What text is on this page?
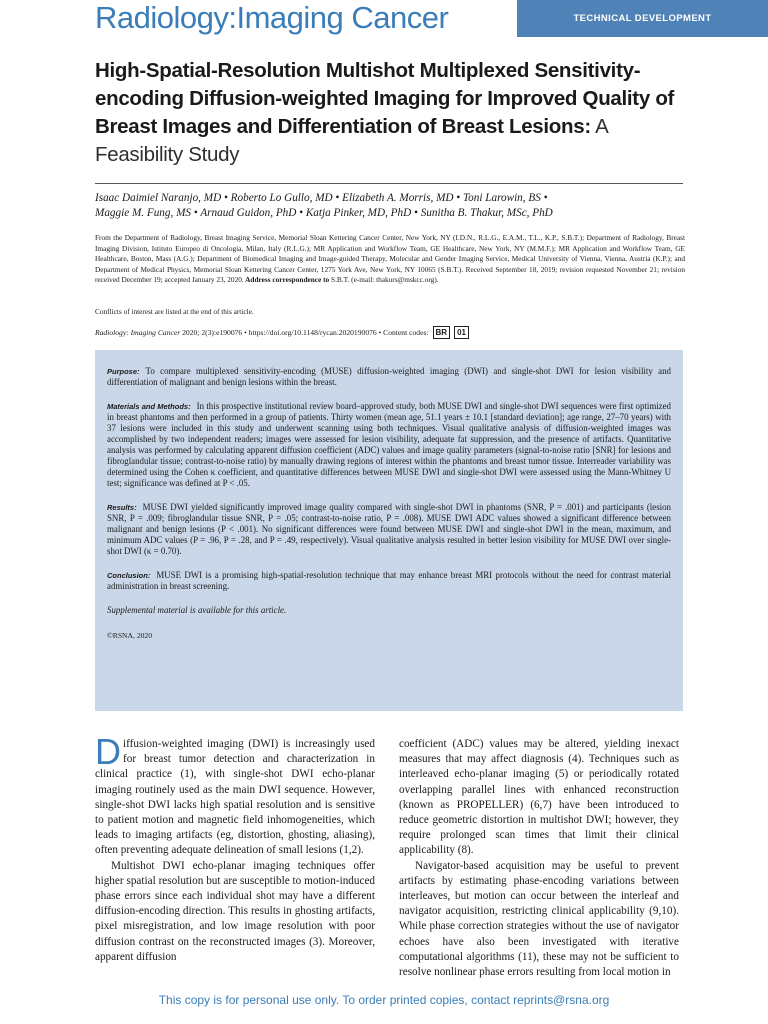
Radiology:Imaging Cancer	TECHNICAL DEVELOPMENT
High-Spatial-Resolution Multishot Multiplexed Sensitivity-encoding Diffusion-weighted Imaging for Improved Quality of Breast Images and Differentiation of Breast Lesions: A Feasibility Study
Isaac Daimiel Naranjo, MD • Roberto Lo Gullo, MD • Elizabeth A. Morris, MD • Toni Larowin, BS •
Maggie M. Fung, MS • Arnaud Guidon, PhD • Katja Pinker, MD, PhD • Sunitha B. Thakur, MSc, PhD
From the Department of Radiology, Breast Imaging Service, Memorial Sloan Kettering Cancer Center, New York, NY (I.D.N., R.L.G., E.A.M., T.L., K.P., S.B.T.); Department of Radiology, Breast Imaging Division, Istituto Europeo di Oncologia, Milan, Italy (R.L.G.); MR Application and Workflow Team, GE Healthcare, New York, NY (M.M.F.); MR Application and Workflow Team, GE Healthcare, Boston, Mass (A.G.); Department of Biomedical Imaging and Image-guided Therapy, Molecular and Gender Imaging Service, Medical University of Vienna, Vienna, Austria (K.P.); and Department of Medical Physics, Memorial Sloan Kettering Cancer Center, 1275 York Ave, New York, NY 10065 (S.B.T.). Received September 18, 2019; revision requested November 21; revision received December 19; accepted January 23, 2020. Address correspondence to S.B.T. (e-mail: thakurs@mskcc.org).
Conflicts of interest are listed at the end of this article.
Radiology: Imaging Cancer 2020; 2(3):e190076 • https://doi.org/10.1148/rycan.2020190076 • Content codes: BR	01

Purpose: To compare multiplexed sensitivity-encoding (MUSE) diffusion-weighted imaging (DWI) and single-shot DWI for lesion visibility and differentiation of malignant and benign lesions within the breast.

Materials and Methods: In this prospective institutional review board–approved study, both MUSE DWI and single-shot DWI sequences were first optimized in breast phantoms and then performed in a group of patients. Thirty women (mean age, 51.1 years ± 10.1 [standard deviation]; age range, 27–70 years) with 37 lesions were included in this study and underwent scanning using both techniques. Visual qualitative analysis of diffusion-weighted images was accomplished by two independent readers; images were assessed for lesion visibility, adequate fat suppression, and the presence of artifacts. Quantitative analysis was performed by calculating apparent diffusion coefficient (ADC) values and image quality parameters (signal-to-noise ratio [SNR] for lesions and fibroglandular tissue; contrast-to-noise ratio) by manually drawing regions of interest within the phantoms and breast tumor tissue. Interreader variability was determined using the Cohen κ coefficient, and quantitative differences between MUSE DWI and single-shot DWI were assessed using the Mann-Whitney U test; significance was defined at P < .05.

Results: MUSE DWI yielded significantly improved image quality compared with single-shot DWI in phantoms (SNR, P = .001) and participants (lesion SNR, P = .009; fibroglandular tissue SNR, P = .05; contrast-to-noise ratio, P = .008). MUSE DWI ADC values showed a significant difference between malignant and benign lesions (P < .001). No significant differences were found between MUSE DWI and single-shot DWI in the mean, maximum, and minimum ADC values (P = .96, P = .28, and P = .49, respectively). Visual qualitative analysis resulted in better lesion visibility for MUSE DWI over single-shot DWI (κ = 0.70).

Conclusion: MUSE DWI is a promising high-spatial-resolution technique that may enhance breast MRI protocols without the need for contrast material administration in breast screening.

Supplemental material is available for this article.

©RSNA, 2020

Diffusion-weighted imaging (DWI) is increasingly used for breast tumor detection and characterization in clinical practice (1), with single-shot DWI echo-planar imaging routinely used as the main DWI sequence. However, single-shot DWI lacks high spatial resolution and is sensitive to patient motion and magnetic field inhomogeneities, which leads to imaging artifacts (eg, distortion, ghosting, aliasing), often preventing adequate delineation of small lesions (1,2).

Multishot DWI echo-planar imaging techniques offer higher spatial resolution but are susceptible to motion-induced phase errors since each individual shot may have a different diffusion-encoding direction. This results in ghosting artifacts, pixel misregistration, and low image resolution with poor diffusion contrast on the reconstructed images (3). Moreover, apparent diffusion

coefficient (ADC) values may be altered, yielding inexact measures that may affect diagnosis (4). Techniques such as interleaved echo-planar imaging (5) or periodically rotated overlapping parallel lines with enhanced reconstruction (known as PROPELLER) (6,7) have been introduced to reduce geometric distortion in multishot DWI; however, they require prolonged scan times that limit their clinical applicability (8).

Navigator-based acquisition may be useful to prevent artifacts by estimating phase-encoding variations between interleaves, but motion can occur between the interleaf and navigator acquisition, restricting clinical applicability (9,10). While phase correction strategies without the use of navigator echoes have also been investigated with iterative computational algorithms (11), these may not be sufficient to resolve nonlinear phase errors resulting from local motion in

This copy is for personal use only. To order printed copies, contact reprints@rsna.org
